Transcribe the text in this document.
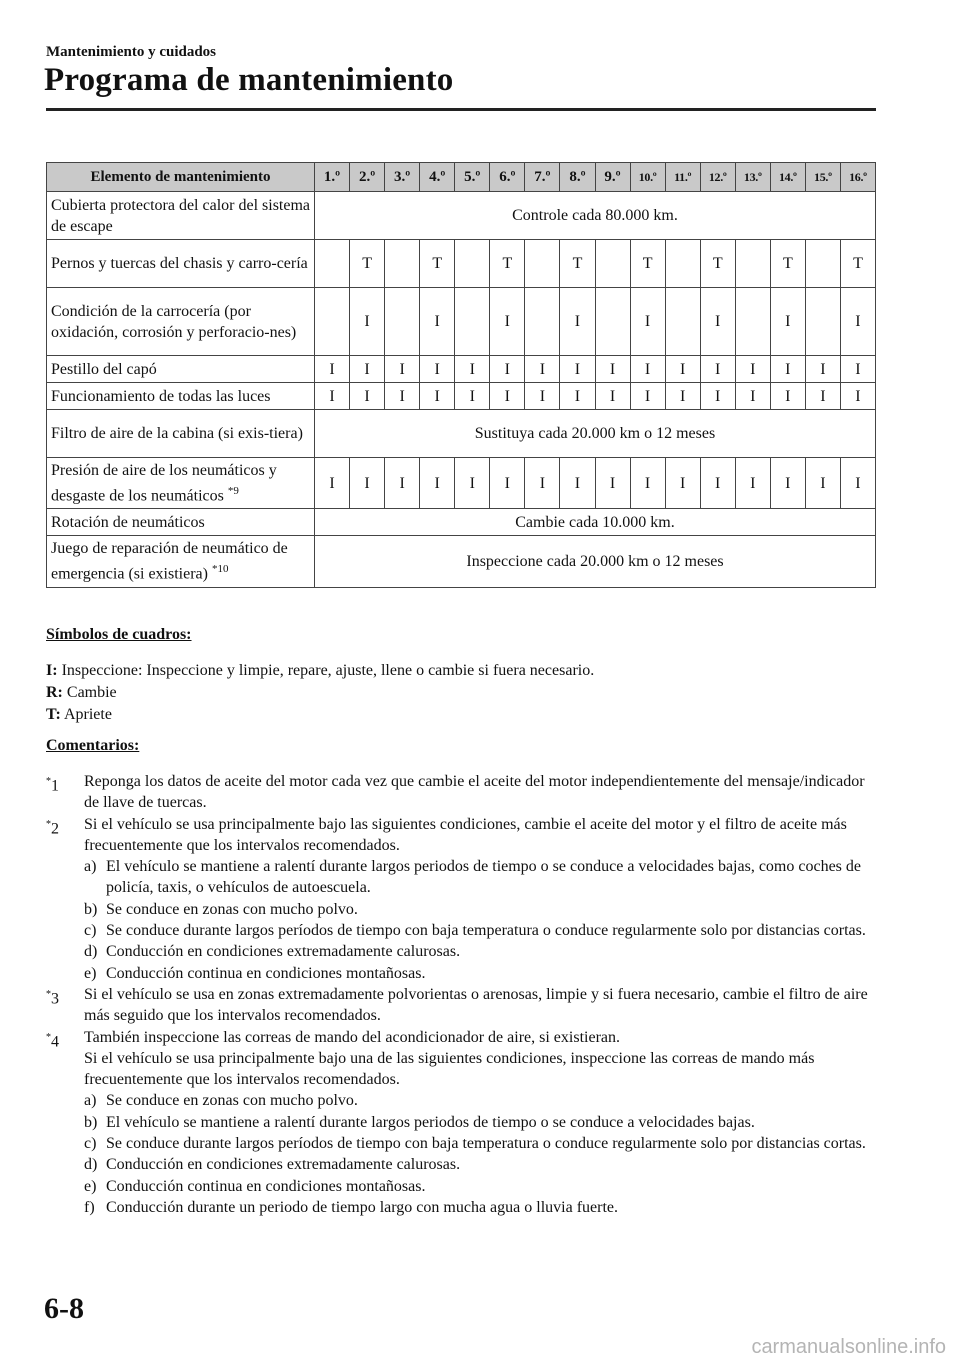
Mantenimiento y cuidados
Programa de mantenimiento
Elemento de mantenimiento	1.º	2.º	3.º	4.º	5.º	6.º	7.º	8.º	9.º	10.º	11.º	12.º	13.º	14.º	15.º	16.º
Cubierta protectora del calor del sistema de escape	Controle cada 80.000 km.															
Pernos y tuercas del chasis y carro-cería		T		T		T		T		T		T		T		T
Condición de la carrocería (por oxidación, corrosión y perforacio-nes)		I		I		I		I		I		I		I		I
Pestillo del capó	I	I	I	I	I	I	I	I	I	I	I	I	I	I	I	I
Funcionamiento de todas las luces	I	I	I	I	I	I	I	I	I	I	I	I	I	I	I	I
Filtro de aire de la cabina (si exis-tiera)	Sustituya cada 20.000 km o 12 meses															
Presión de aire de los neumáticos y desgaste de los neumáticos $^{*9}$	I	I	I	I	I	I	I	I	I	I	I	I	I	I	I	I
Rotación de neumáticos	Cambie cada 10.000 km.															
Juego de reparación de neumático de emergencia (si existiera) $^{*10}$	Inspeccione cada 20.000 km o 12 meses															
Símbolos de cuadros:
I: Inspeccione: Inspeccione y limpie, repare, ajuste, llene o cambie si fuera necesario.
R: Cambie
T: Apriete
Comentarios:
*1 Reponga los datos de aceite del motor cada vez que cambie el aceite del motor independientemente del mensaje/indicador de llave de tuercas.
*2 Si el vehículo se usa principalmente bajo las siguientes condiciones, cambie el aceite del motor y el filtro de aceite más frecuentemente que los intervalos recomendados.
a) El vehículo se mantiene a ralentí durante largos periodos de tiempo o se conduce a velocidades bajas, como coches de policía, taxis, o vehículos de autoescuela.
b) Se conduce en zonas con mucho polvo.
c) Se conduce durante largos períodos de tiempo con baja temperatura o conduce regularmente solo por distancias cortas.
d) Conducción en condiciones extremadamente calurosas.
e) Conducción continua en condiciones montañosas.
*3 Si el vehículo se usa en zonas extremadamente polvorientas o arenosas, limpie y si fuera necesario, cambie el filtro de aire más seguido que los intervalos recomendados.
*4 También inspeccione las correas de mando del acondicionador de aire, si existieran.
Si el vehículo se usa principalmente bajo una de las siguientes condiciones, inspeccione las correas de mando más frecuentemente que los intervalos recomendados.
a) Se conduce en zonas con mucho polvo.
b) El vehículo se mantiene a ralentí durante largos periodos de tiempo o se conduce a velocidades bajas.
c) Se conduce durante largos períodos de tiempo con baja temperatura o conduce regularmente solo por distancias cortas.
d) Conducción en condiciones extremadamente calurosas.
e) Conducción continua en condiciones montañosas.
f) Conducción durante un periodo de tiempo largo con mucha agua o lluvia fuerte.
6-8
carmanualsonline.info
